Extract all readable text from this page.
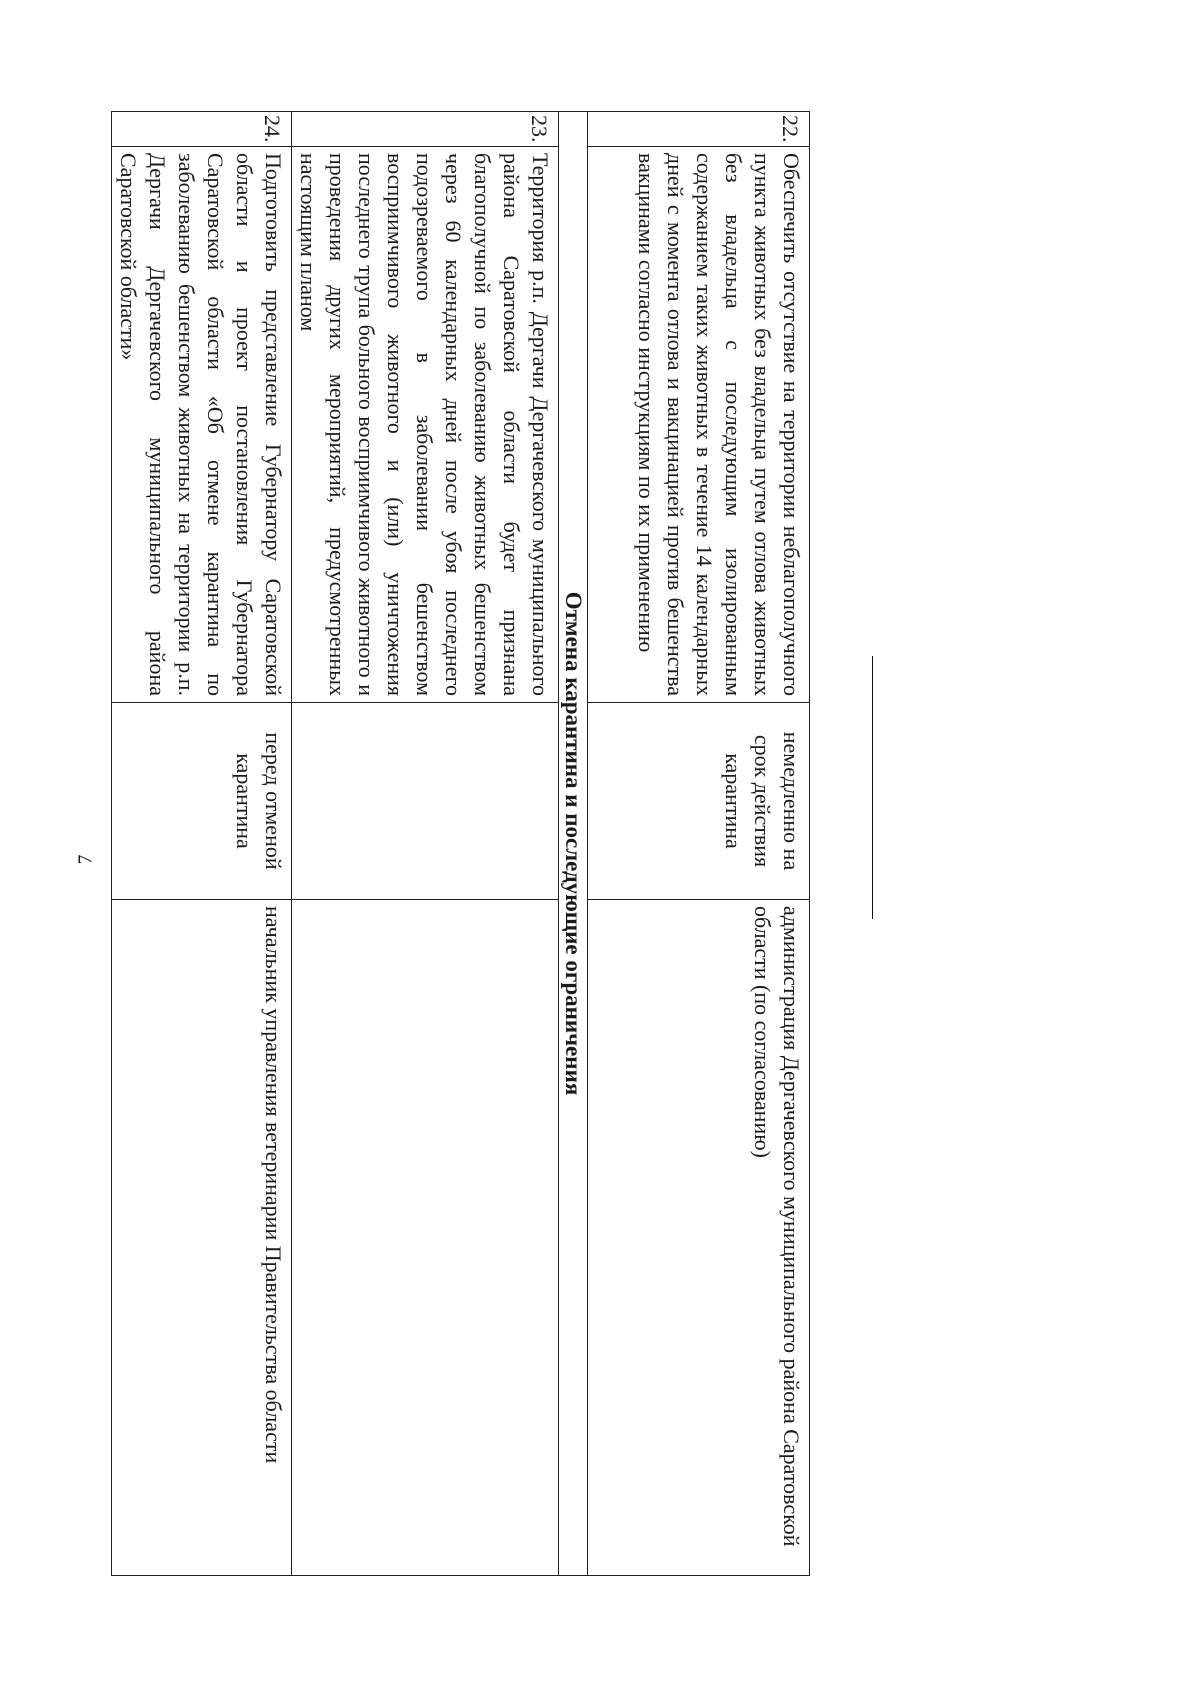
7
22.	Обеспечить отсутствие на территории неблагополучного пункта животных без владельца путем отлова животных без владельца с последующим изолированным содержанием таких животных в течение 14 календарных дней с момента отлова и вакцинацией против бешенства вакцинами согласно инструкциям по их применению	немедленно на срок действия карантина	администрация Дергачевского муниципального района Саратовской области (по согласованию)
Отмена карантина и последующие ограничения			
23.	Территория р.п. Дергачи Дергачевского муниципального района Саратовской области будет признана благополучной по заболеванию животных бешенством через 60 календарных дней после убоя последнего подозреваемого в заболевании бешенством восприимчивого животного и (или) уничтожения последнего трупа больного восприимчивого животного и проведения других мероприятий, предусмотренных настоящим планом		
24.	Подготовить представление Губернатору Саратовской области и проект постановления Губернатора Саратовской области «Об отмене карантина по заболеванию бешенством животных на территории р.п. Дергачи Дергачевского муниципального района Саратовской области»	перед отменой карантина	начальник управления ветеринарии Правительства области
